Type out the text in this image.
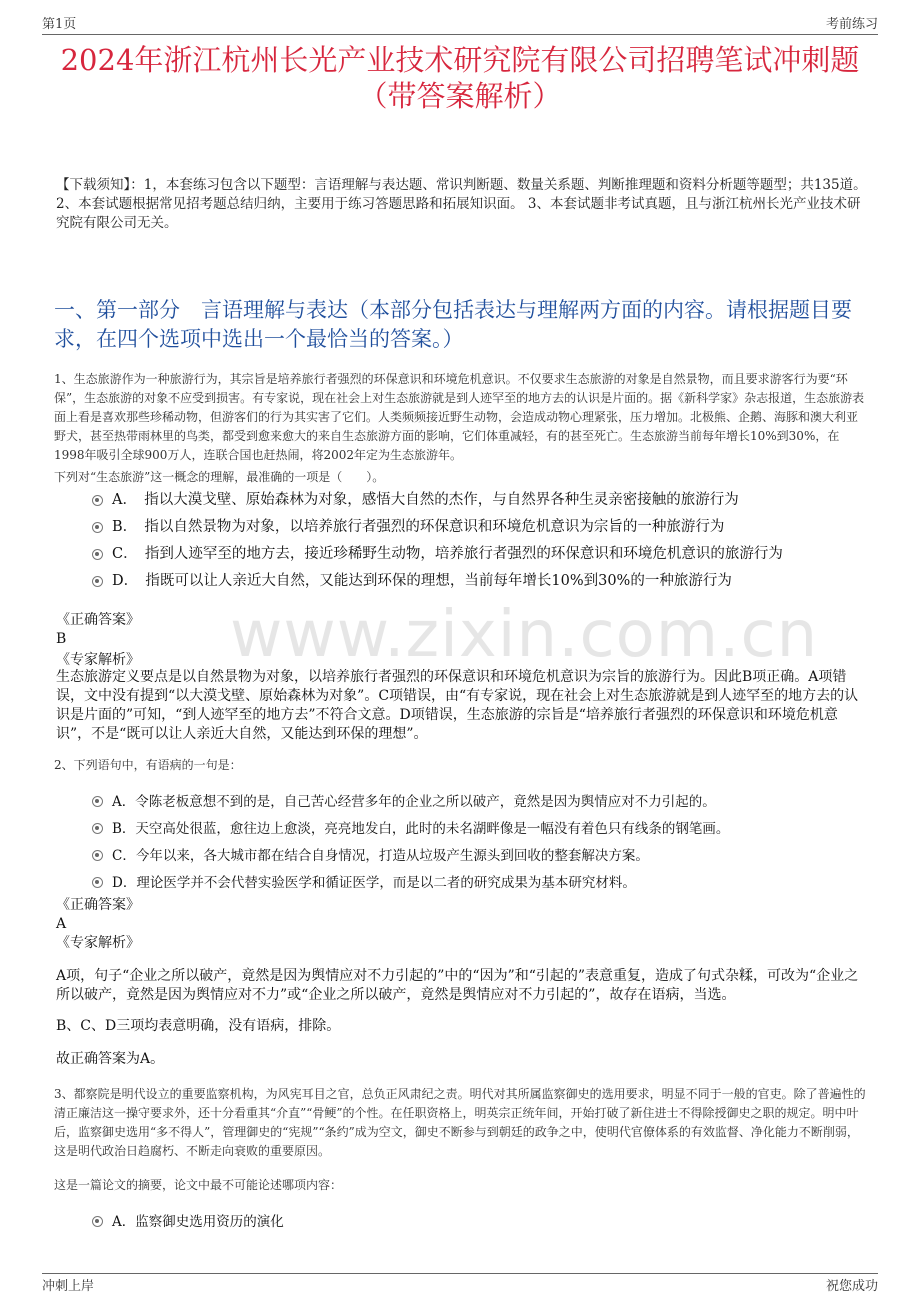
第1页	考前练习
2024年浙江杭州长光产业技术研究院有限公司招聘笔试冲刺题
（带答案解析）
【下载须知】：1，本套练习包含以下题型：言语理解与表达题、常识判断题、数量关系题、判断推理题和资料分析题等题型；共135道。 2、本套试题根据常见招考题总结归纳，主要用于练习答题思路和拓展知识面。 3、本套试题非考试真题，且与浙江杭州长光产业技术研究院有限公司无关。
一、第一部分　言语理解与表达（本部分包括表达与理解两方面的内容。请根据题目要求，在四个选项中选出一个最恰当的答案。）
1、生态旅游作为一种旅游行为，其宗旨是培养旅行者强烈的环保意识和环境危机意识。不仅要求生态旅游的对象是自然景物，而且要求游客行为要“环保”，生态旅游的对象不应受到损害。有专家说，现在社会上对生态旅游就是到人迹罕至的地方去的认识是片面的。据《新科学家》杂志报道，生态旅游表面上看是喜欢那些珍稀动物，但游客们的行为其实害了它们。人类频频接近野生动物，会造成动物心理紧张，压力增加。北极熊、企鹅、海豚和澳大利亚野犬，甚至热带雨林里的鸟类，都受到愈来愈大的来自生态旅游方面的影响，它们体重减轻，有的甚至死亡。生态旅游当前每年增长10%到30%，在1998年吸引全球900万人，连联合国也赶热闹，将2002年定为生态旅游年。
下列对“生态旅游”这一概念的理解，最准确的一项是（　　）。
A．　指以大漠戈壁、原始森林为对象，感悟大自然的杰作，与自然界各种生灵亲密接触的旅游行为
B．　指以自然景物为对象，以培养旅行者强烈的环保意识和环境危机意识为宗旨的一种旅游行为
C．　指到人迹罕至的地方去，接近珍稀野生动物，培养旅行者强烈的环保意识和环境危机意识的旅游行为
D．　指既可以让人亲近大自然，又能达到环保的理想，当前每年增长10%到30%的一种旅游行为
《正确答案》
B
《专家解析》
生态旅游定义要点是以自然景物为对象，以培养旅行者强烈的环保意识和环境危机意识为宗旨的旅游行为。因此B项正确。A项错误，文中没有提到“以大漠戈壁、原始森林为对象”。C项错误，由“有专家说，现在社会上对生态旅游就是到人迹罕至的地方去的认识是片面的”可知，“到人迹罕至的地方去”不符合文意。D项错误，生态旅游的宗旨是“培养旅行者强烈的环保意识和环境危机意识”，不是“既可以让人亲近大自然，又能达到环保的理想”。
www.zixin.com.cn
2、下列语句中，有语病的一句是：
A．令陈老板意想不到的是，自己苦心经营多年的企业之所以破产，竟然是因为舆情应对不力引起的。
B．天空高处很蓝，愈往边上愈淡，亮亮地发白，此时的未名湖畔像是一幅没有着色只有线条的钢笔画。
C．今年以来，各大城市都在结合自身情况，打造从垃圾产生源头到回收的整套解决方案。
D．理论医学并不会代替实验医学和循证医学，而是以二者的研究成果为基本研究材料。
《正确答案》
A
《专家解析》
A项，句子“企业之所以破产，竟然是因为舆情应对不力引起的”中的“因为”和“引起的”表意重复，造成了句式杂糅，可改为“企业之所以破产，竟然是因为舆情应对不力”或“企业之所以破产，竟然是舆情应对不力引起的”，故存在语病，当选。
B、C、D三项均表意明确，没有语病，排除。
故正确答案为A。
3、都察院是明代设立的重要监察机构，为风宪耳目之官，总负正风肃纪之责。明代对其所属监察御史的选用要求，明显不同于一般的官吏。除了普遍性的清正廉洁这一操守要求外，还十分看重其“介直”“骨鲠”的个性。在任职资格上，明英宗正统年间，开始打破了新住进士不得除授御史之职的规定。明中叶后，监察御史选用“多不得人”，管理御史的“宪规”“条约”成为空文，御史不断参与到朝廷的政争之中，使明代官僚体系的有效监督、净化能力不断削弱，这是明代政治日趋腐朽、不断走向衰败的重要原因。
这是一篇论文的摘要，论文中最不可能论述哪项内容：
A．监察御史选用资历的演化
冲刺上岸	祝您成功
